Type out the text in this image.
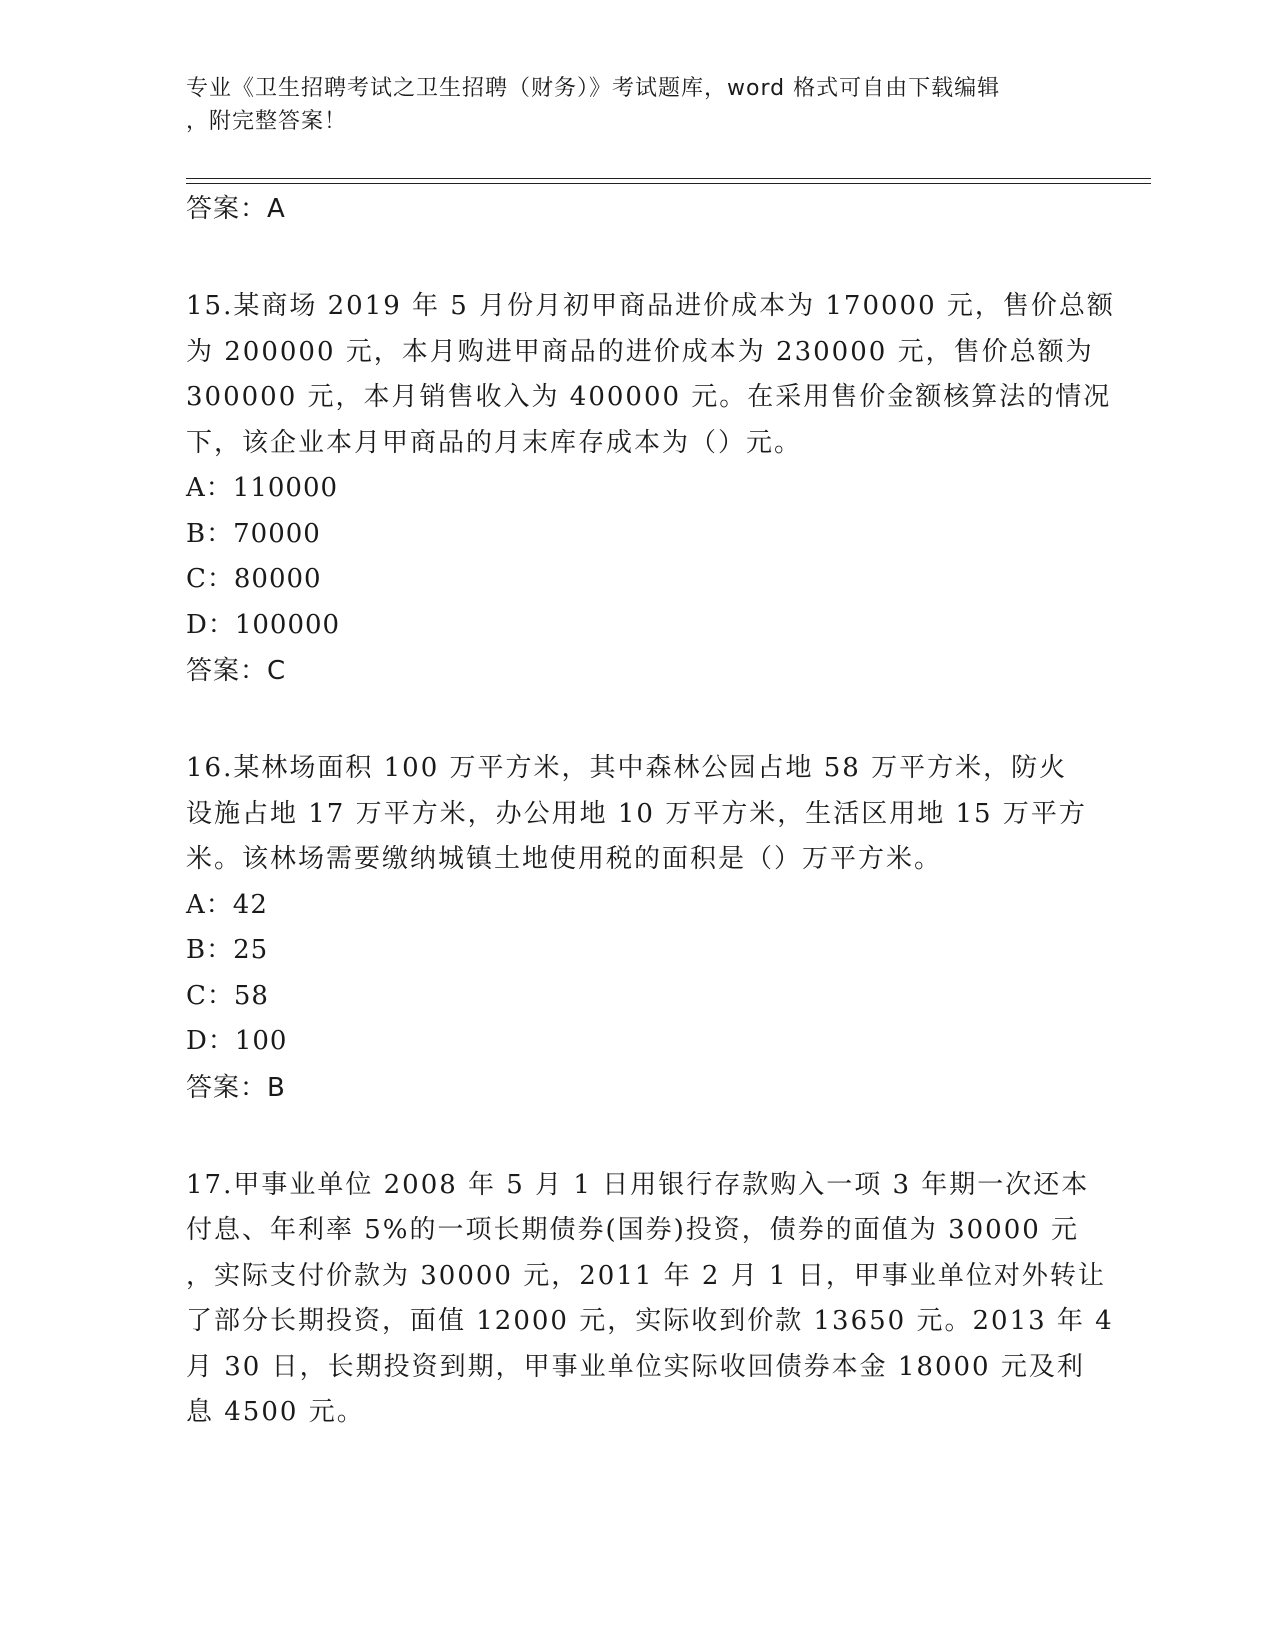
专业《卫生招聘考试之卫生招聘（财务）》考试题库，word 格式可自由下载编辑
，附完整答案！
答案：A
15.某商场 2019 年 5 月份月初甲商品进价成本为 170000 元，售价总额
为 200000 元，本月购进甲商品的进价成本为 230000 元，售价总额为
300000 元，本月销售收入为 400000 元。在采用售价金额核算法的情况
下，该企业本月甲商品的月末库存成本为（）元。
A：110000
B：70000
C：80000
D：100000
答案：C
16.某林场面积 100 万平方米，其中森林公园占地 58 万平方米，防火
设施占地 17 万平方米，办公用地 10 万平方米，生活区用地 15 万平方
米。该林场需要缴纳城镇土地使用税的面积是（）万平方米。
A：42
B：25
C：58
D：100
答案：B
17.甲事业单位 2008 年 5 月 1 日用银行存款购入一项 3 年期一次还本
付息、年利率 5%的一项长期债券(国券)投资，债券的面值为 30000 元
，实际支付价款为 30000 元，2011 年 2 月 1 日，甲事业单位对外转让
了部分长期投资，面值 12000 元，实际收到价款 13650 元。2013 年 4
月 30 日，长期投资到期，甲事业单位实际收回债券本金 18000 元及利
息 4500 元。
